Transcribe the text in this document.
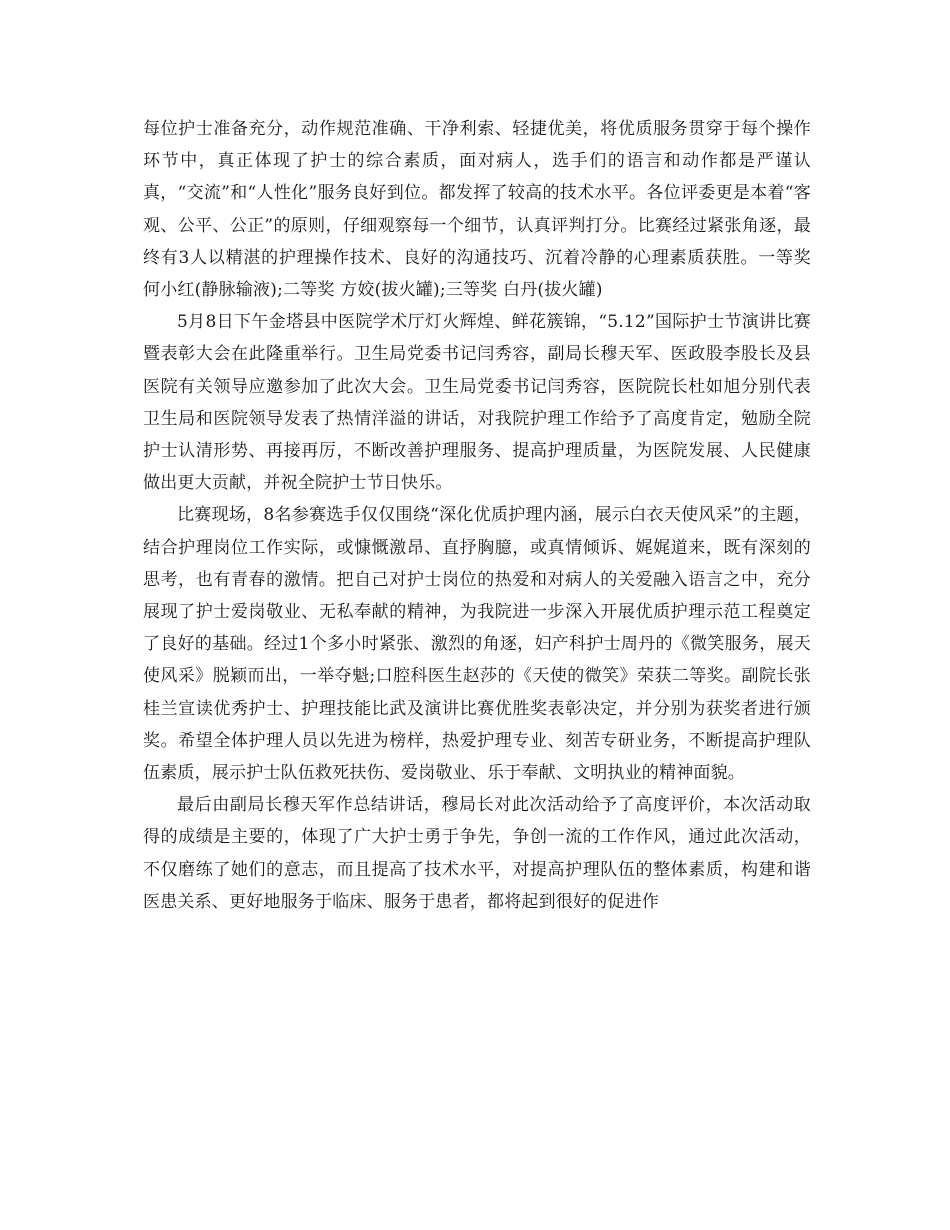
每位护士准备充分，动作规范准确、干净利索、轻捷优美，将优质服务贯穿于每个操作环节中，真正体现了护士的综合素质，面对病人，选手们的语言和动作都是严谨认真，“交流”和“人性化”服务良好到位。都发挥了较高的技术水平。各位评委更是本着“客观、公平、公正”的原则，仔细观察每一个细节，认真评判打分。比赛经过紧张角逐，最终有3人以精湛的护理操作技术、良好的沟通技巧、沉着冷静的心理素质获胜。一等奖 何小红(静脉输液);二等奖 方姣(拔火罐);三等奖 白丹(拔火罐)

5月8日下午金塔县中医院学术厅灯火辉煌、鲜花簇锦，“5.12”国际护士节演讲比赛暨表彰大会在此隆重举行。卫生局党委书记闫秀容，副局长穆天军、医政股李股长及县医院有关领导应邀参加了此次大会。卫生局党委书记闫秀容，医院院长杜如旭分别代表卫生局和医院领导发表了热情洋溢的讲话，对我院护理工作给予了高度肯定，勉励全院护士认清形势、再接再厉，不断改善护理服务、提高护理质量，为医院发展、人民健康做出更大贡献，并祝全院护士节日快乐。

比赛现场，8名参赛选手仅仅围绕“深化优质护理内涵，展示白衣天使风采”的主题，结合护理岗位工作实际，或慷慨激昂、直抒胸臆，或真情倾诉、娓娓道来，既有深刻的思考，也有青春的激情。把自己对护士岗位的热爱和对病人的关爱融入语言之中，充分展现了护士爱岗敬业、无私奉献的精神，为我院进一步深入开展优质护理示范工程奠定了良好的基础。经过1个多小时紧张、激烈的角逐，妇产科护士周丹的《微笑服务，展天使风采》脱颖而出，一举夺魁;口腔科医生赵莎的《天使的微笑》荣获二等奖。副院长张桂兰宣读优秀护士、护理技能比武及演讲比赛优胜奖表彰决定，并分别为获奖者进行颁奖。希望全体护理人员以先进为榜样，热爱护理专业、刻苦专研业务，不断提高护理队伍素质，展示护士队伍救死扶伤、爱岗敬业、乐于奉献、文明执业的精神面貌。

最后由副局长穆天军作总结讲话，穆局长对此次活动给予了高度评价，本次活动取得的成绩是主要的，体现了广大护士勇于争先，争创一流的工作作风，通过此次活动，不仅磨练了她们的意志，而且提高了技术水平，对提高护理队伍的整体素质，构建和谐医患关系、更好地服务于临床、服务于患者，都将起到很好的促进作
